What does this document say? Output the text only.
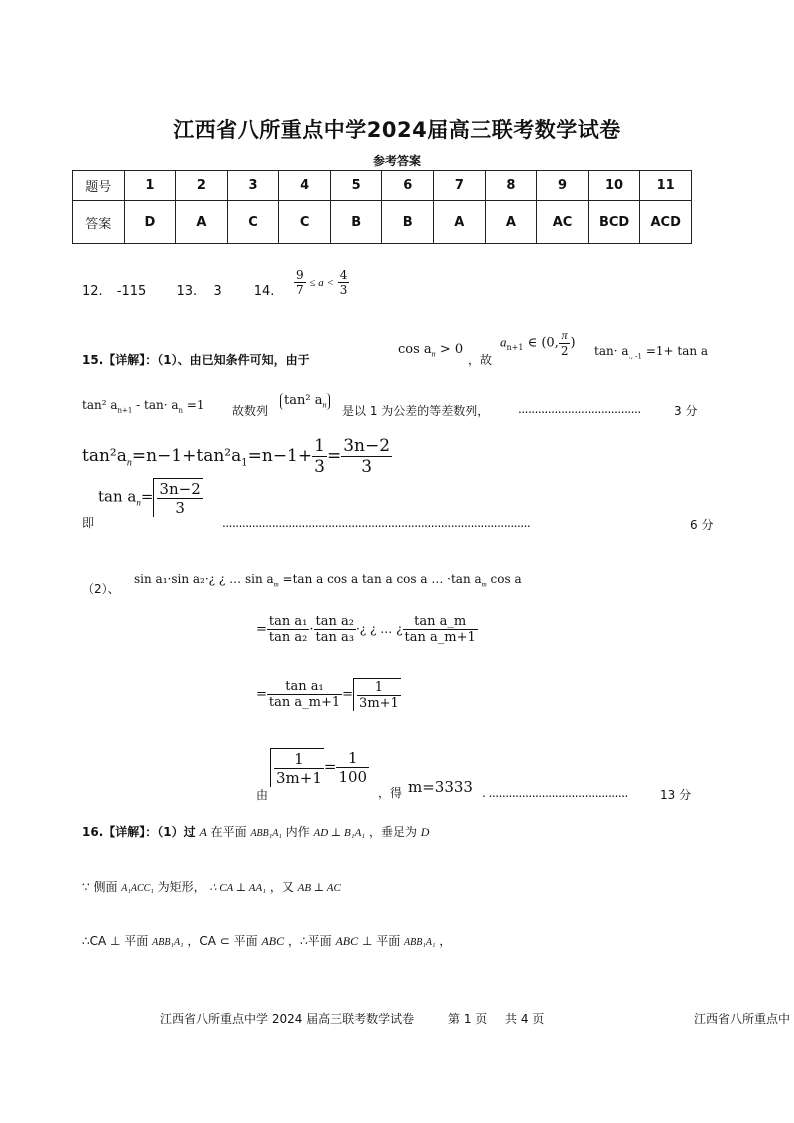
江西省八所重点中学2024届高三联考数学试卷
参考答案
题号	1	2	3	4	5	6	7	8	9	10	11
答案	D	A	C	C	B	B	A	A	AC	BCD	ACD
12. -115 13. 3 14. $\frac{9}{7} \le a < \frac{4}{3}$
15.【详解】：（1）、由已知条件可知，由于
$\cos a_n > 0$
，故
$a_{n+1}$ ∈ (0, $\frac{\pi}{2}$ )
$\tan\cdot a_{., -1} =1+ \tan a$
tan² $a_{n+1} - \tan\cdot a_n =1$ 故数列
tan² $a_n$	是以 1 为公差的等差数列， .....................................	3 分
$\tan^2a_n=n-1+\tan^2a_1=n-1+ \frac{1}{3} = \frac{3n-2}{3}$
即
$\tan a_n= \frac{3n-2}{3}$
.............................................................................................	6 分
（2）、
sin a₁·sin a₂·¿ ¿ … $\sin a_m =\tan$ a cos a tan a cos a … ·tan $a_m$ cos a
= $\frac{\text{tan a₁}}{\text{tan a₂}} \cdot \frac{\text{tan a₂}}{\text{tan a₃}}$ ·¿ ¿ … ¿ $\frac{\text{tan a\_m}}{\text{tan a\_m+1}}$
= $\frac{\text{tan a₁}}{\text{tan a\_m+1}} = \frac{1}{3m+1}$
由
$\frac{1}{3m+1} = \frac{1}{100}$
，得 m=3333 . ..........................................	13 分
16.【详解】：（1）过 A 在平面 ABB₁A₁ 内作 AD ⊥ B₁A₁ ，垂足为 D
∵ 侧面 A₁ACC₁ 为矩形， ∴ CA ⊥ AA₁ ，又 AB ⊥ AC
∴CA ⊥ 平面 ABB₁A₁ ，CA ⊂ 平面 ABC ，∴平面 ABC ⊥ 平面 ABB₁A₁ ，
江西省八所重点中学 2024 届高三联考数学试卷	第 1 页 共 4 页	江西省八所重点中
